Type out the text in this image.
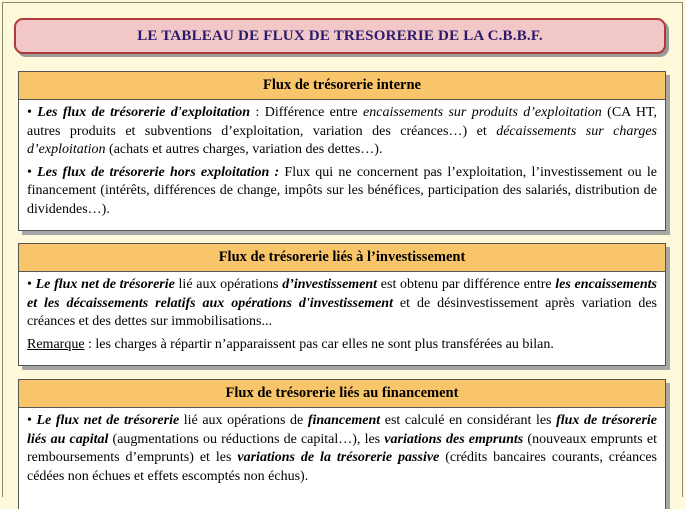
LE TABLEAU DE FLUX DE TRESORERIE DE LA C.B.B.F.
Flux de trésorerie interne

• Les flux de trésorerie d'exploitation : Différence entre encaissements sur produits d’exploitation (CA HT, autres produits et subventions d’exploitation, variation des créances…) et décaissements sur charges d’exploitation (achats et autres charges, variation des dettes…).

• Les flux de trésorerie hors exploitation : Flux qui ne concernent pas l’exploitation, l’investissement ou le financement (intérêts, différences de change, impôts sur les bénéfices, participation des salariés, distribution de dividendes…).

Flux de trésorerie liés à l’investissement

• Le flux net de trésorerie lié aux opérations d’investissement est obtenu par différence entre les encaissements et les décaissements relatifs aux opérations d'investissement et de désinvestissement après variation des créances et des dettes sur immobilisations...

Remarque : les charges à répartir n’apparaissent pas car elles ne sont plus transférées au bilan.

Flux de trésorerie liés au financement

• Le flux net de trésorerie lié aux opérations de financement est calculé en considérant les flux de trésorerie liés au capital (augmentations ou réductions de capital…), les variations des emprunts (nouveaux emprunts et remboursements d’emprunts) et les variations de la trésorerie passive (crédits bancaires courants, créances cédées non échues et effets escomptés non échus).
